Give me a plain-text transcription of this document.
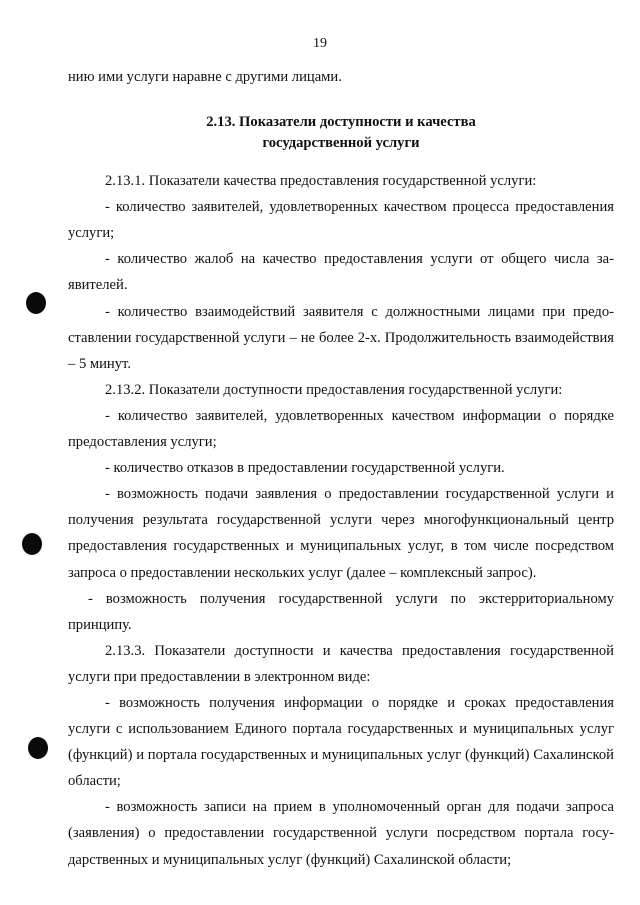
19

нию ими услуги наравне с другими лицами.

2.13. Показатели доступности и качества
государственной услуги

2.13.1. Показатели качества предоставления государственной услуги:

- количество заявителей, удовлетворенных качеством процесса предоставления услуги;

- количество жалоб на качество предоставления услуги от общего числа заявителей.

- количество взаимодействий заявителя с должностными лицами при предоставлении государственной услуги – не более 2-х. Продолжительность взаимодействия – 5 минут.

2.13.2. Показатели доступности предоставления государственной услуги:

- количество заявителей, удовлетворенных качеством информации о порядке предоставления услуги;

- количество отказов в предоставлении государственной услуги.

- возможность подачи заявления о предоставлении государственной услуги и получения результата государственной услуги через многофункциональный центр предоставления государственных и муниципальных услуг, в том числе посредством запроса о предоставлении нескольких услуг (далее – комплексный запрос).

- возможность получения государственной услуги по экстерриториальному принципу.

2.13.3. Показатели доступности и качества предоставления государственной услуги при предоставлении в электронном виде:

- возможность получения информации о порядке и сроках предоставления услуги с использованием Единого портала государственных и муниципальных услуг (функций) и портала государственных и муниципальных услуг (функций) Сахалинской области;

- возможность записи на прием в уполномоченный орган для подачи запроса (заявления) о предоставлении государственной услуги посредством портала государственных и муниципальных услуг (функций) Сахалинской области;
